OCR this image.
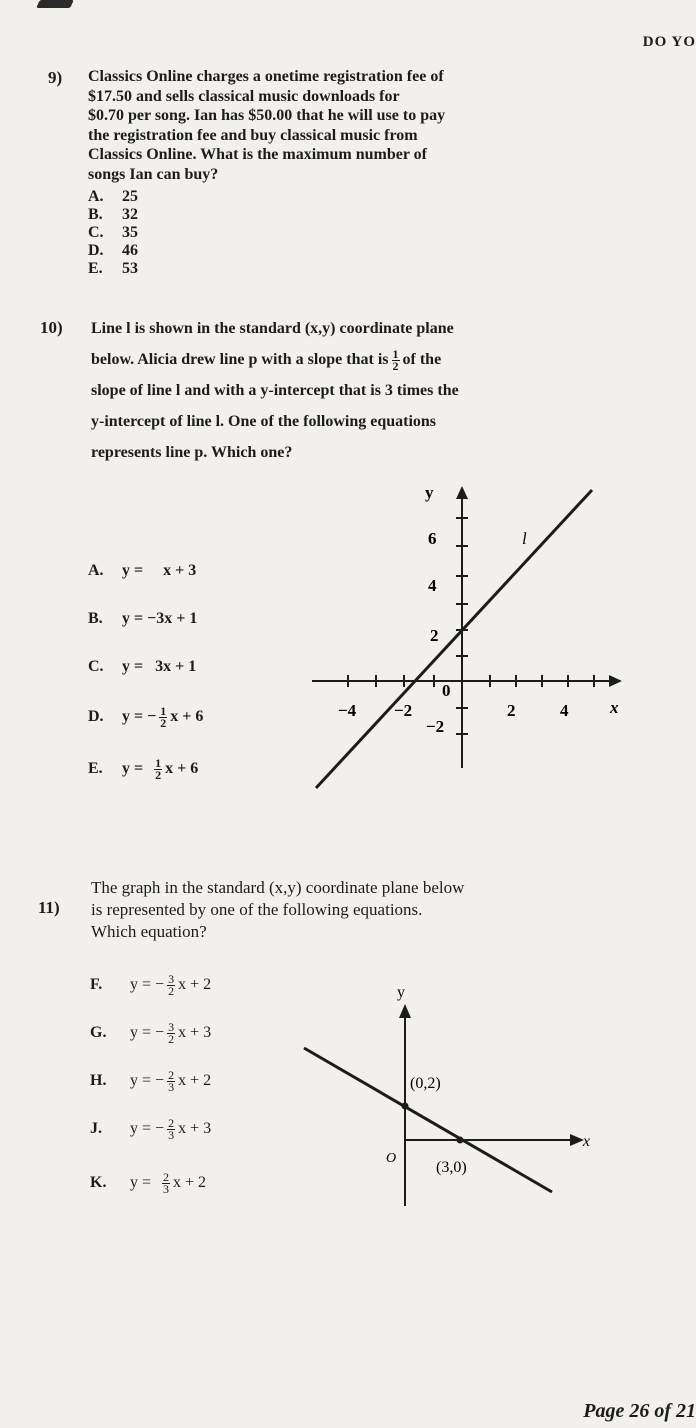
DO YO
9) Classics Online charges a onetime registration fee of
$17.50 and sells classical music downloads for
$0.70 per song. Ian has $50.00 that he will use to pay
the registration fee and buy classical music from
Classics Online. What is the maximum number of
songs Ian can buy?
A. 25
B. 32
C. 35
D. 46
E. 53
10) Line l is shown in the standard (x,y) coordinate plane
below. Alicia drew line p with a slope that is $\frac{1}{2}$ of the
slope of line l and with a y-intercept that is 3 times the
y-intercept of line l. One of the following equations
represents line p. Which one?
A. y = x + 3
B. y = −3x + 1
C. y = 3x + 1
D. y = − $\frac{1}{2}$ x + 6
E. $y = \frac{1}{2}$ x + 6
y
x
l
0
−4 −2	2	4
6
4
2
−2
11)
The graph in the standard (x,y) coordinate plane below
is represented by one of the following equations.
Which equation?
F. y = − $\frac{3}{2}$ x + 2
G. y = − $\frac{3}{2}$ x + 3
H. y = − $\frac{2}{3}$ x + 2
J. y = − $\frac{2}{3}$ x + 3
K. $y = \frac{2}{3}$ x + 2
y
x
O
(0,2)
(3,0)
Page 26 of 21
